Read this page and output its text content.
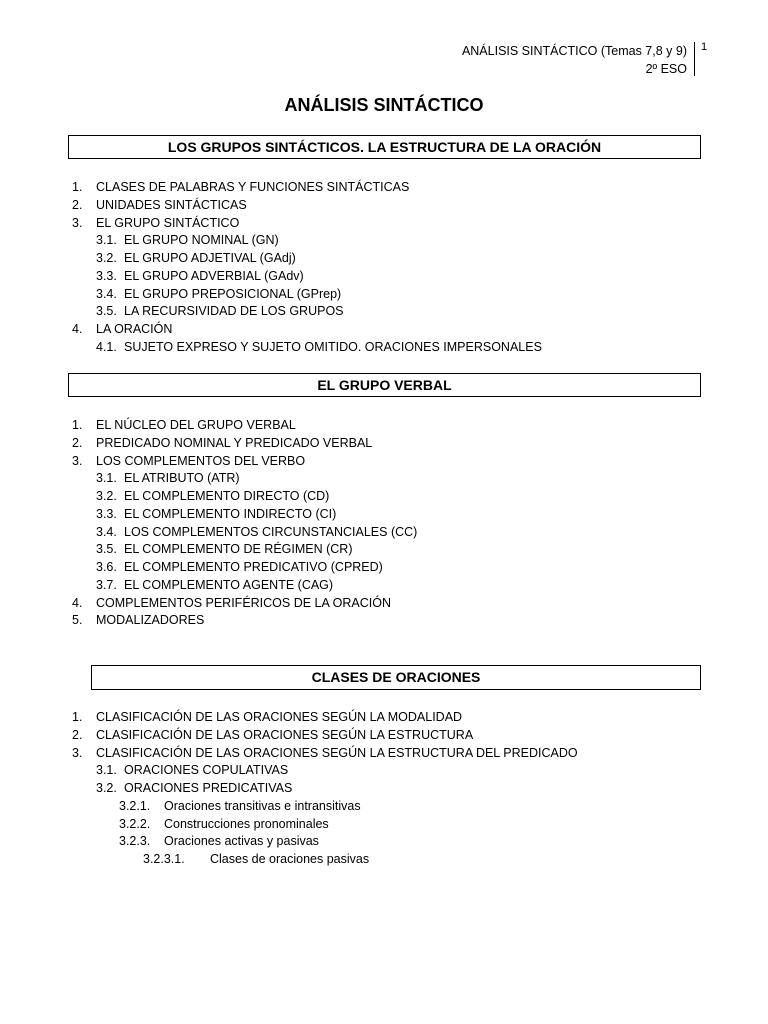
ANÁLISIS SINTÁCTICO (Temas 7,8 y 9)
2º ESO
1
ANÁLISIS SINTÁCTICO
LOS GRUPOS SINTÁCTICOS. LA ESTRUCTURA DE LA ORACIÓN
1. CLASES DE PALABRAS Y FUNCIONES SINTÁCTICAS
2. UNIDADES SINTÁCTICAS
3. EL GRUPO SINTÁCTICO
3.1. EL GRUPO NOMINAL (GN)
3.2. EL GRUPO ADJETIVAL (GAdj)
3.3. EL GRUPO ADVERBIAL (GAdv)
3.4. EL GRUPO PREPOSICIONAL (GPrep)
3.5. LA RECURSIVIDAD DE LOS GRUPOS
4. LA ORACIÓN
4.1. SUJETO EXPRESO Y SUJETO OMITIDO. ORACIONES IMPERSONALES
EL GRUPO VERBAL
1. EL NÚCLEO DEL GRUPO VERBAL
2. PREDICADO NOMINAL Y PREDICADO VERBAL
3. LOS COMPLEMENTOS DEL VERBO
3.1. EL ATRIBUTO (ATR)
3.2. EL COMPLEMENTO DIRECTO (CD)
3.3. EL COMPLEMENTO INDIRECTO (CI)
3.4. LOS COMPLEMENTOS CIRCUNSTANCIALES (CC)
3.5. EL COMPLEMENTO DE RÉGIMEN (CR)
3.6. EL COMPLEMENTO PREDICATIVO (CPRED)
3.7. EL COMPLEMENTO AGENTE (CAG)
4. COMPLEMENTOS PERIFÉRICOS DE LA ORACIÓN
5. MODALIZADORES
CLASES DE ORACIONES
1. CLASIFICACIÓN DE LAS ORACIONES SEGÚN LA MODALIDAD
2. CLASIFICACIÓN DE LAS ORACIONES SEGÚN LA ESTRUCTURA
3. CLASIFICACIÓN DE LAS ORACIONES SEGÚN LA ESTRUCTURA DEL PREDICADO
3.1. ORACIONES COPULATIVAS
3.2. ORACIONES PREDICATIVAS
3.2.1. Oraciones transitivas e intransitivas
3.2.2. Construcciones pronominales
3.2.3. Oraciones activas y pasivas
3.2.3.1. Clases de oraciones pasivas
